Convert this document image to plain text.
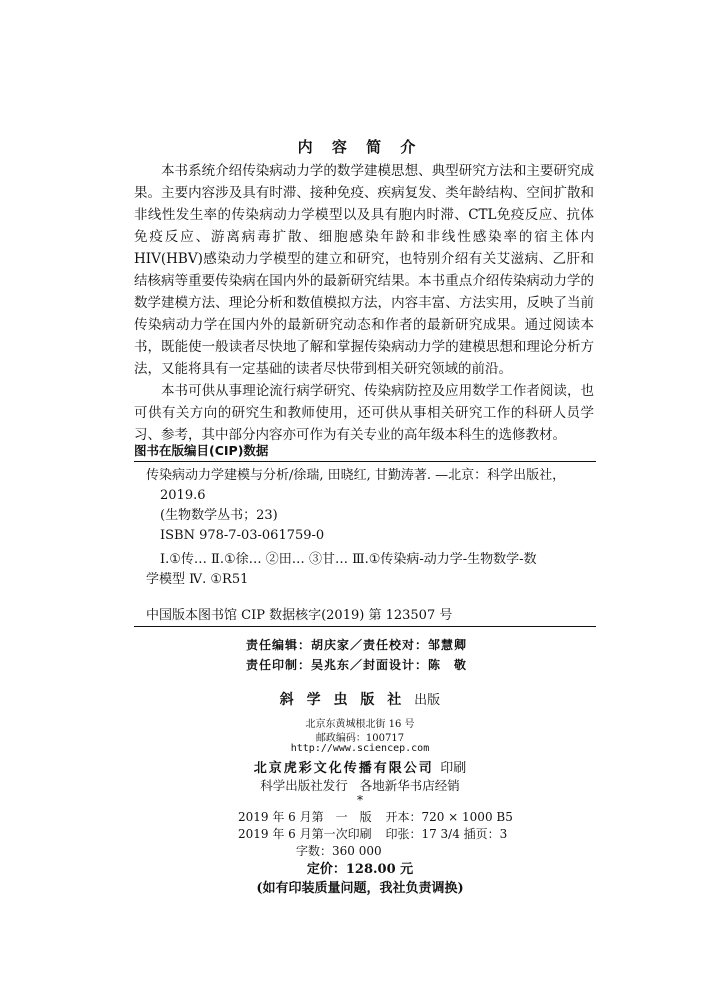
内 容 简 介

本书系统介绍传染病动力学的数学建模思想、典型研究方法和主要研究成果。主要内容涉及具有时滞、接种免疫、疾病复发、类年龄结构、空间扩散和非线性发生率的传染病动力学模型以及具有胞内时滞、CTL免疫反应、抗体免疫反应、游离病毒扩散、细胞感染年龄和非线性感染率的宿主体内HIV(HBV)感染动力学模型的建立和研究，也特别介绍有关艾滋病、乙肝和结核病等重要传染病在国内外的最新研究结果。本书重点介绍传染病动力学的数学建模方法、理论分析和数值模拟方法，内容丰富、方法实用，反映了当前传染病动力学在国内外的最新研究动态和作者的最新研究成果。通过阅读本书，既能使一般读者尽快地了解和掌握传染病动力学的建模思想和理论分析方法，又能将具有一定基础的读者尽快带到相关研究领域的前沿。

本书可供从事理论流行病学研究、传染病防控及应用数学工作者阅读，也可供有关方向的研究生和教师使用，还可供从事相关研究工作的科研人员学习、参考，其中部分内容亦可作为有关专业的高年级本科生的选修教材。

图书在版编目(CIP)数据
传染病动力学建模与分析/徐瑞, 田晓红, 甘勤涛著. —北京：科学出版社，
2019.6
(生物数学丛书；23)
ISBN 978-7-03-061759-0
Ⅰ.①传… Ⅱ.①徐… ②田… ③甘… Ⅲ.①传染病-动力学-生物数学-数
学模型 Ⅳ. ①R51
中国版本图书馆 CIP 数据核字(2019) 第 123507 号
责任编辑：胡庆家／责任校对：邹慧卿
责任印制：吴兆东／封面设计：陈　敬
斜 学 虫 版 社 出版
北京东黄城根北街 16 号
邮政编码：100717
http://www.sciencep.com
北京虎彩文化传播有限公司 印刷
科学出版社发行 各地新华书店经销
*
2019 年 6 月第　一　版 开本：720 × 1000 B5
2019 年 6 月第一次印刷 印张：17 3/4 插页：3
字数：360 000
定价：128.00 元
(如有印装质量问题，我社负责调换)
